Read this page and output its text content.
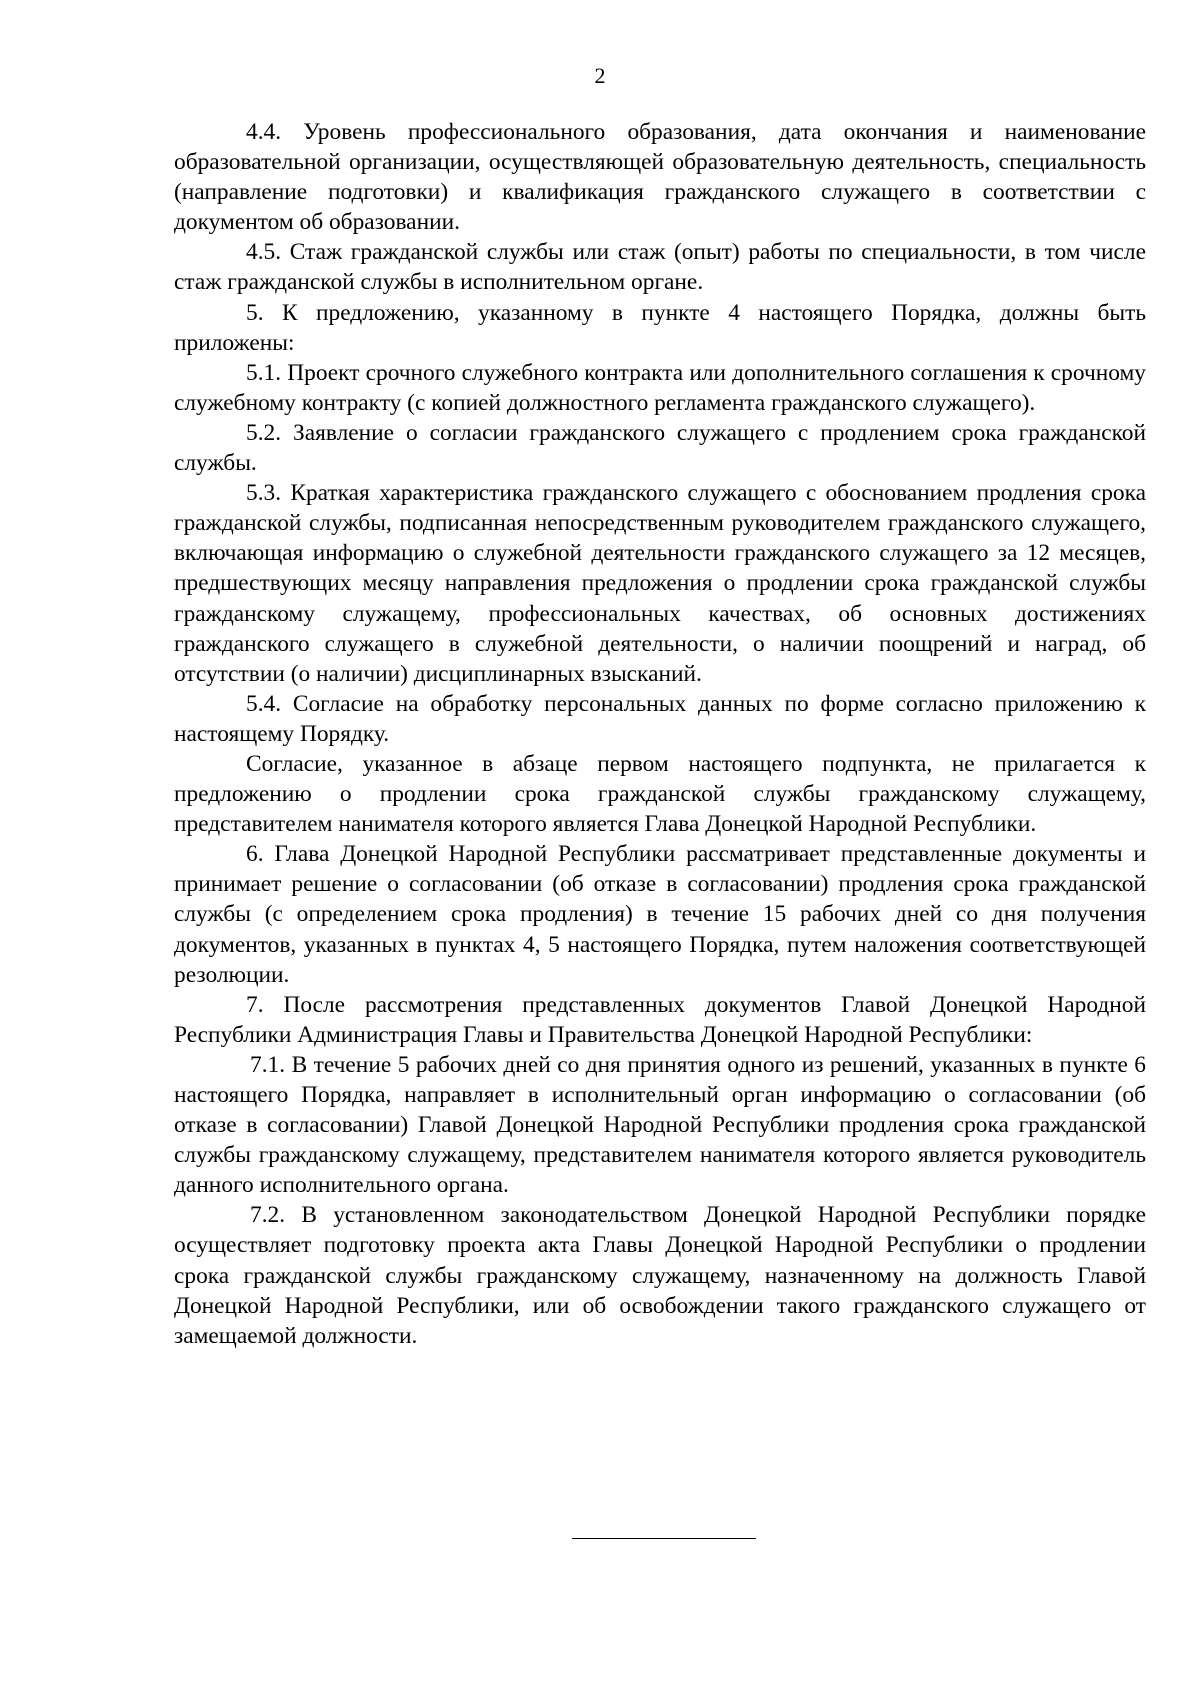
2

4.4. Уровень профессионального образования, дата окончания и наименование образовательной организации, осуществляющей образовательную деятельность, специальность (направление подготовки) и квалификация гражданского служащего в соответствии с документом об образовании.

4.5. Стаж гражданской службы или стаж (опыт) работы по специальности, в том числе стаж гражданской службы в исполнительном органе.

5. К предложению, указанному в пункте 4 настоящего Порядка, должны быть приложены:

5.1. Проект срочного служебного контракта или дополнительного соглашения к срочному служебному контракту (с копией должностного регламента гражданского служащего).

5.2. Заявление о согласии гражданского служащего с продлением срока гражданской службы.

5.3. Краткая характеристика гражданского служащего с обоснованием продления срока гражданской службы, подписанная непосредственным руководителем гражданского служащего, включающая информацию о служебной деятельности гражданского служащего за 12 месяцев, предшествующих месяцу направления предложения о продлении срока гражданской службы гражданскому служащему, профессиональных качествах, об основных достижениях гражданского служащего в служебной деятельности, о наличии поощрений и наград, об отсутствии (о наличии) дисциплинарных взысканий.

5.4. Согласие на обработку персональных данных по форме согласно приложению к настоящему Порядку.

Согласие, указанное в абзаце первом настоящего подпункта, не прилагается к предложению о продлении срока гражданской службы гражданскому служащему, представителем нанимателя которого является Глава Донецкой Народной Республики.

6. Глава Донецкой Народной Республики рассматривает представленные документы и принимает решение о согласовании (об отказе в согласовании) продления срока гражданской службы (с определением срока продления) в течение 15 рабочих дней со дня получения документов, указанных в пунктах 4, 5 настоящего Порядка, путем наложения соответствующей резолюции.

7. После рассмотрения представленных документов Главой Донецкой Народной Республики Администрация Главы и Правительства Донецкой Народной Республики:

7.1. В течение 5 рабочих дней со дня принятия одного из решений, указанных в пункте 6 настоящего Порядка, направляет в исполнительный орган информацию о согласовании (об отказе в согласовании) Главой Донецкой Народной Республики продления срока гражданской службы гражданскому служащему, представителем нанимателя которого является руководитель данного исполнительного органа.

7.2. В установленном законодательством Донецкой Народной Республики порядке осуществляет подготовку проекта акта Главы Донецкой Народной Республики о продлении срока гражданской службы гражданскому служащему, назначенному на должность Главой Донецкой Народной Республики, или об освобождении такого гражданского служащего от замещаемой должности.
